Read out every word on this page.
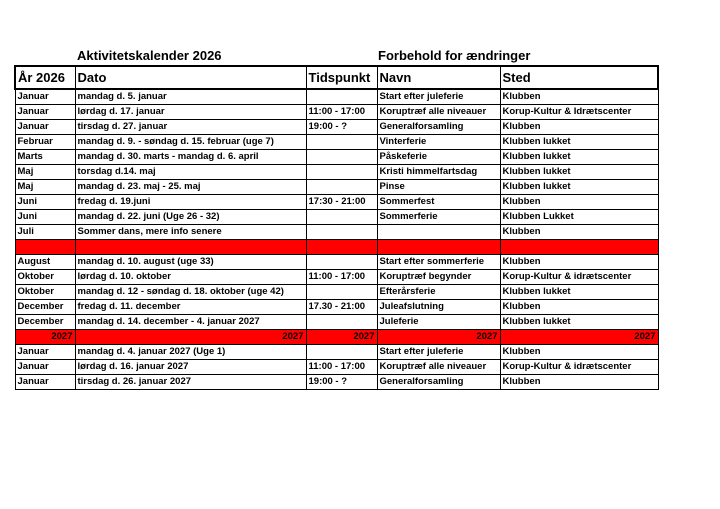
Aktivitetskalender 2026	Forbehold for ændringer
År 2026	Dato	Tidspunkt	Navn	Sted
Januar	mandag d. 5. januar		Start efter juleferie	Klubben
Januar	lørdag d. 17. januar	11:00 - 17:00	Koruptræf alle niveauer	Korup-Kultur & Idrætscenter
Januar	tirsdag d. 27. januar	19:00 - ?	Generalforsamling	Klubben
Februar	mandag d. 9. - søndag d. 15. februar (uge 7)		Vinterferie	Klubben lukket
Marts	mandag d. 30. marts - mandag d. 6. april		Påskeferie	Klubben lukket
Maj	torsdag d.14. maj		Kristi himmelfartsdag	Klubben lukket
Maj	mandag d. 23. maj - 25. maj		Pinse	Klubben lukket
Juni	fredag d. 19.juni	17:30 - 21:00	Sommerfest	Klubben
Juni	mandag d. 22. juni (Uge 26 - 32)		Sommerferie	Klubben Lukket
Juli	Sommer dans, mere info senere			Klubben

August	mandag d. 10. august (uge 33)		Start efter sommerferie	Klubben
Oktober	lørdag d. 10. oktober	11:00 - 17:00	Koruptræf begynder	Korup-Kultur & idrætscenter
Oktober	mandag d. 12 - søndag d. 18. oktober (uge 42)		Efterårsferie	Klubben lukket
December	fredag d. 11. december	17.30 - 21:00	Juleafslutning	Klubben
December	mandag d. 14. december - 4. januar 2027		Juleferie	Klubben lukket
2027	2027	2027	2027	2027
Januar	mandag d. 4. januar 2027 (Uge 1)		Start efter juleferie	Klubben
Januar	lørdag d. 16. januar 2027	11:00 - 17:00	Koruptræf alle niveauer	Korup-Kultur & idrætscenter
Januar	tirsdag d. 26. januar 2027	19:00 - ?	Generalforsamling	Klubben
